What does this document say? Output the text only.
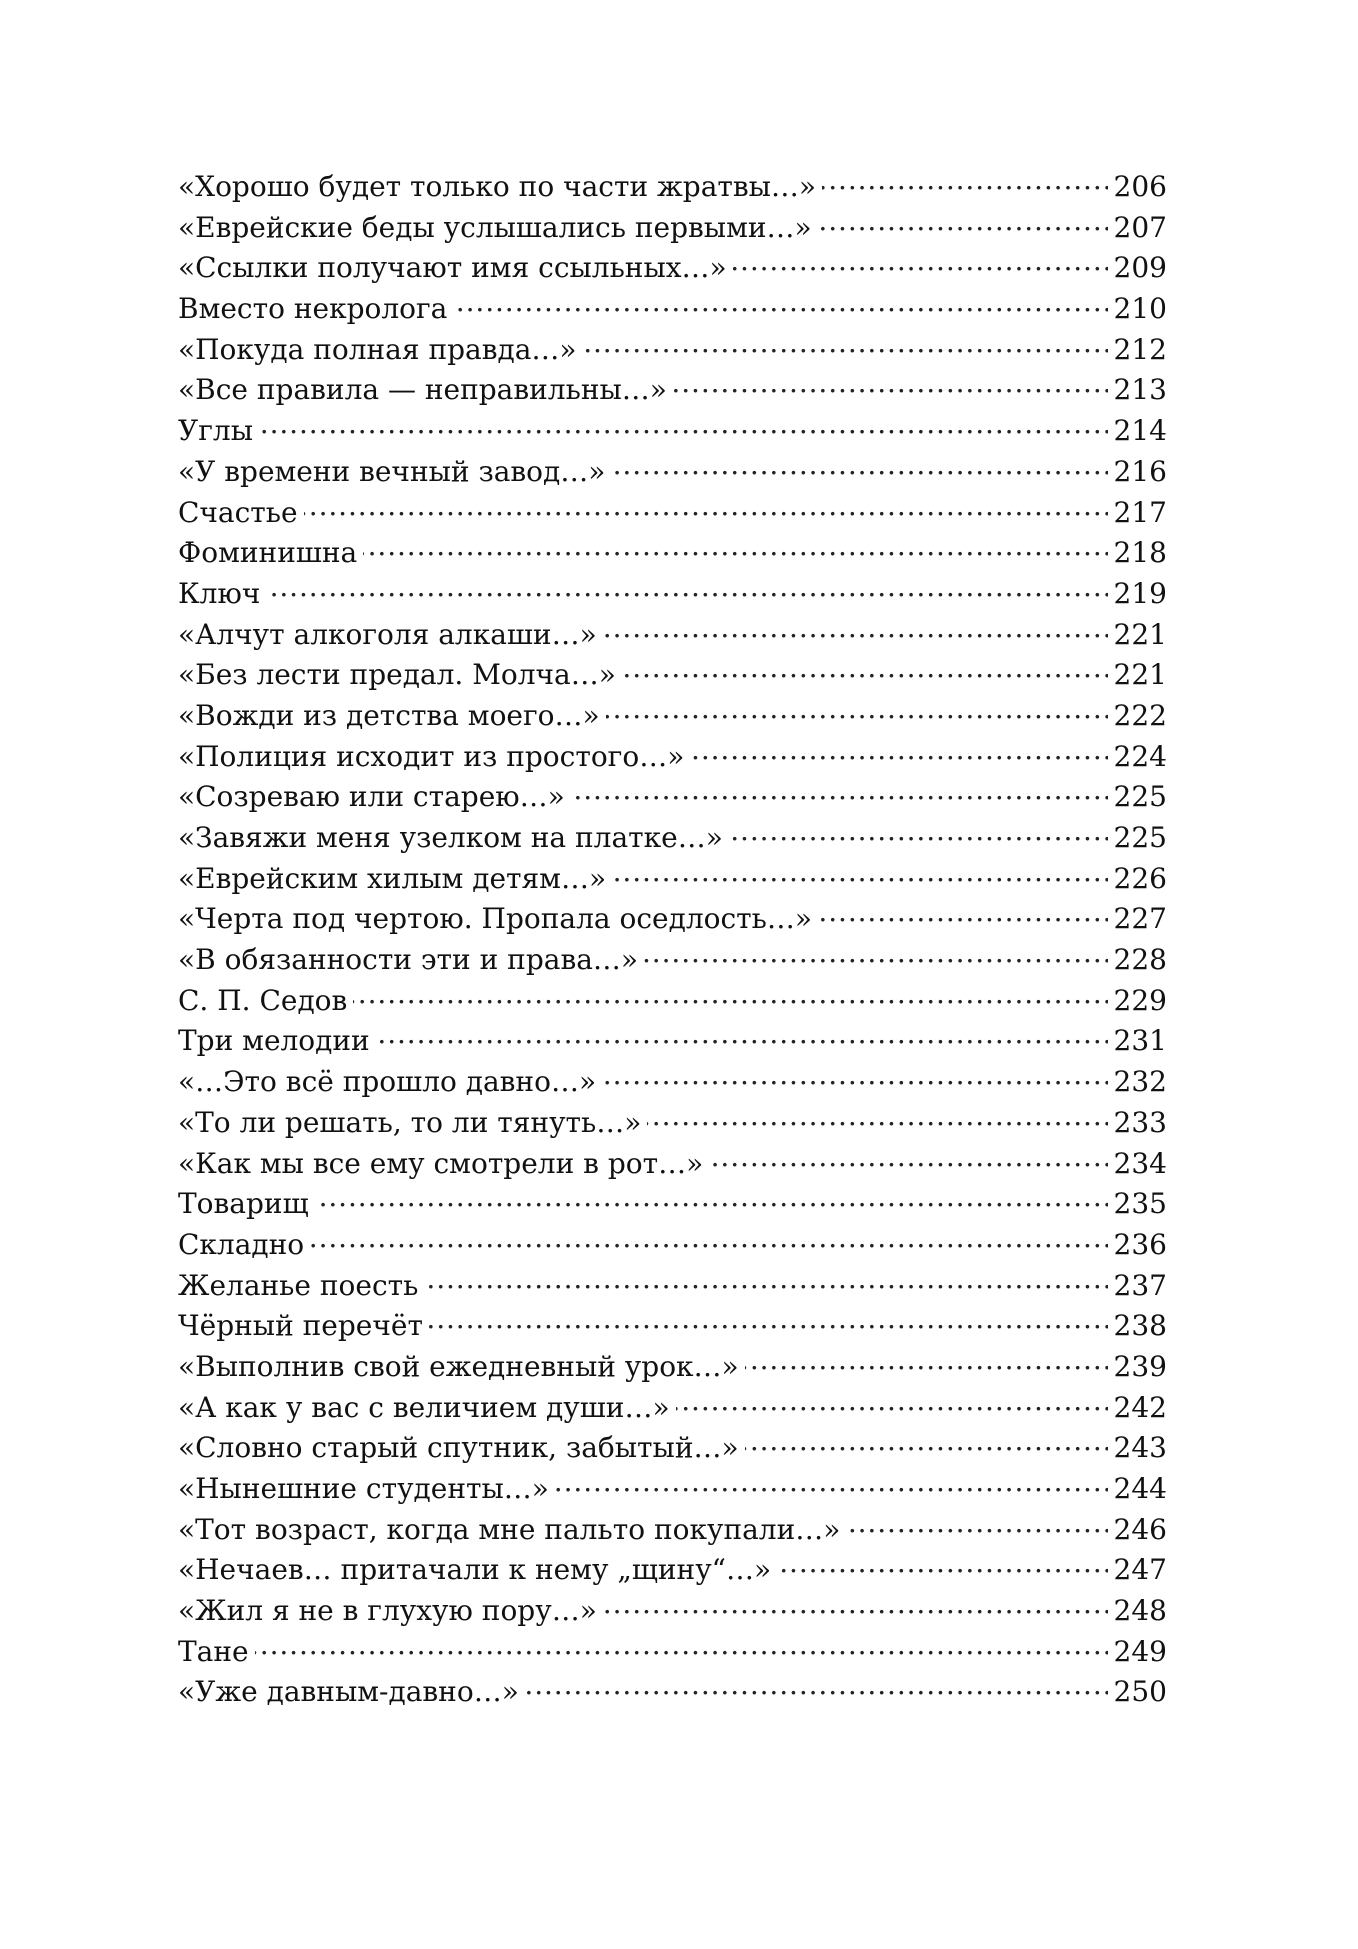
«Хорошо будет только по части жратвы…» . . .	206
«Еврейские беды услышались первыми…» . . .	207
«Ссылки получают имя ссыльных…» . . .	209
Вместо некролога . . .	210
«Покуда полная правда…» . . .	212
«Все правила — неправильны…» . . .	213
Углы . . .	214
«У времени вечный завод…» . . .	216
Счастье . . .	217
Фоминишна . . .	218
Ключ . . .	219
«Алчут алкоголя алкаши…» . . .	221
«Без лести предал. Молча…» . . .	221
«Вожди из детства моего…» . . .	222
«Полиция исходит из простого…» . . .	224
«Созреваю или старею…» . . .	225
«Завяжи меня узелком на платке…» . . .	225
«Еврейским хилым детям…» . . .	226
«Черта под чертою. Пропала оседлость…» . . .	227
«В обязанности эти и права…» . . .	228
С. П. Седов . . .	229
Три мелодии . . .	231
«…Это всё прошло давно…» . . .	232
«То ли решать, то ли тянуть…» . . .	233
«Как мы все ему смотрели в рот…» . . .	234
Товарищ . . .	235
Складно . . .	236
Желанье поесть . . .	237
Чёрный перечёт . . .	238
«Выполнив свой ежедневный урок…» . . .	239
«А как у вас с величием души…» . . .	242
«Словно старый спутник, забытый…» . . .	243
«Нынешние студенты…» . . .	244
«Тот возраст, когда мне пальто покупали…» . . .	246
«Нечаев… притачали к нему „щину“…» . . .	247
«Жил я не в глухую пору…» . . .	248
Тане . . .	249
«Уже давным-давно…» . . .	250
